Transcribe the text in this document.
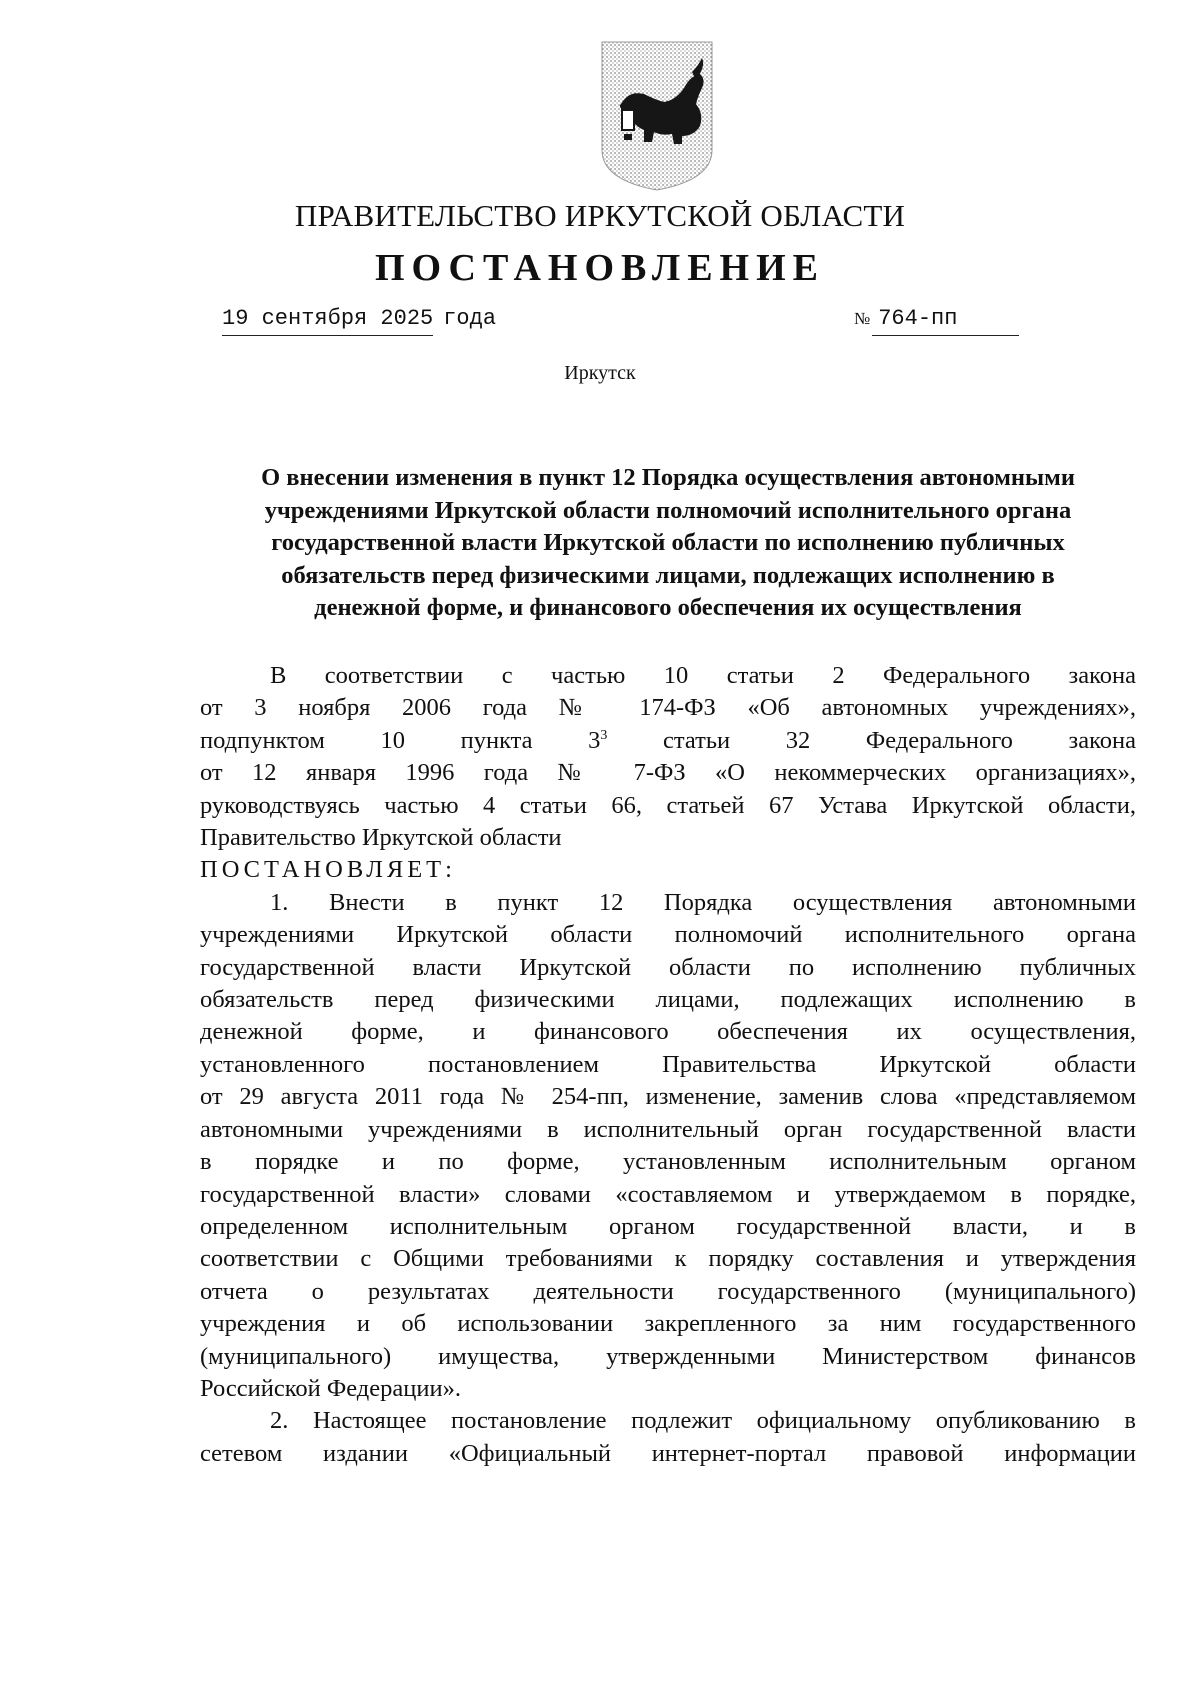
ПРАВИТЕЛЬСТВО ИРКУТСКОЙ ОБЛАСТИ
ПОСТАНОВЛЕНИЕ
19 сентября 2025 года	№ 764-пп
Иркутск
О внесении изменения в пункт 12 Порядка осуществления автономными
учреждениями Иркутской области полномочий исполнительного органа
государственной власти Иркутской области по исполнению публичных
обязательств перед физическими лицами, подлежащих исполнению в
денежной форме, и финансового обеспечения их осуществления
В соответствии с частью 10 статьи 2 Федерального закона
от 3 ноября 2006 года № 174-ФЗ «Об автономных учреждениях»,
подпунктом 10 пункта $3^3$ статьи 32 Федерального закона
от 12 января 1996 года № 7-ФЗ «О некоммерческих организациях»,
руководствуясь частью 4 статьи 66, статьей 67 Устава Иркутской области,
Правительство Иркутской области
ПОСТАНОВЛЯЕТ:
1. Внести в пункт 12 Порядка осуществления автономными
учреждениями Иркутской области полномочий исполнительного органа
государственной власти Иркутской области по исполнению публичных
обязательств перед физическими лицами, подлежащих исполнению в
денежной форме, и финансового обеспечения их осуществления,
установленного постановлением Правительства Иркутской области
от 29 августа 2011 года № 254-пп, изменение, заменив слова «представляемом
автономными учреждениями в исполнительный орган государственной власти
в порядке и по форме, установленным исполнительным органом
государственной власти» словами «составляемом и утверждаемом в порядке,
определенном исполнительным органом государственной власти, и в
соответствии с Общими требованиями к порядку составления и утверждения
отчета о результатах деятельности государственного (муниципального)
учреждения и об использовании закрепленного за ним государственного
(муниципального) имущества, утвержденными Министерством финансов
Российской Федерации».
2. Настоящее постановление подлежит официальному опубликованию в
сетевом издании «Официальный интернет-портал правовой информации
